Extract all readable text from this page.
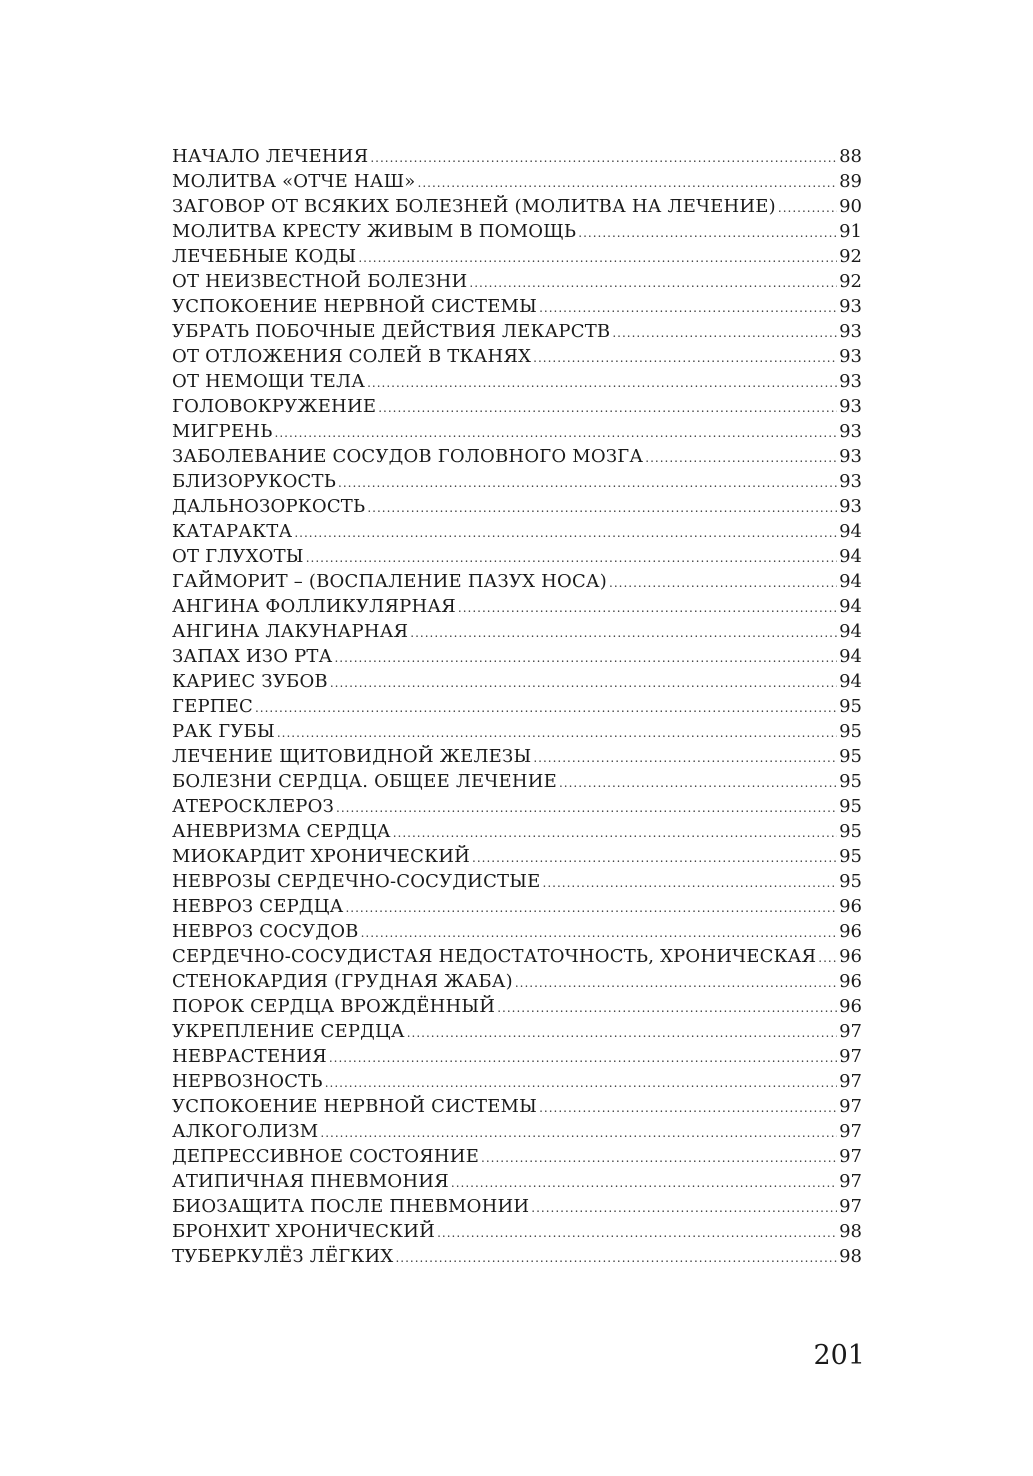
НАЧАЛО ЛЕЧЕНИЯ .....	88
МОЛИТВА «ОТЧЕ НАШ» .....	89
ЗАГОВОР ОТ ВСЯКИХ БОЛЕЗНЕЙ (МОЛИТВА НА ЛЕЧЕНИЕ) .....	90
МОЛИТВА КРЕСТУ ЖИВЫМ В ПОМОЩЬ .....	91
ЛЕЧЕБНЫЕ КОДЫ .....	92
ОТ НЕИЗВЕСТНОЙ БОЛЕЗНИ .....	92
УСПОКОЕНИЕ НЕРВНОЙ СИСТЕМЫ .....	93
УБРАТЬ ПОБОЧНЫЕ ДЕЙСТВИЯ ЛЕКАРСТВ .....	93
ОТ ОТЛОЖЕНИЯ СОЛЕЙ В ТКАНЯХ .....	93
ОТ НЕМОЩИ ТЕЛА .....	93
ГОЛОВОКРУЖЕНИЕ .....	93
МИГРЕНЬ .....	93
ЗАБОЛЕВАНИЕ СОСУДОВ ГОЛОВНОГО МОЗГА .....	93
БЛИЗОРУКОСТЬ .....	93
ДАЛЬНОЗОРКОСТЬ .....	93
КАТАРАКТА .....	94
ОТ ГЛУХОТЫ .....	94
ГАЙМОРИТ – (ВОСПАЛЕНИЕ ПАЗУХ НОСА) .....	94
АНГИНА ФОЛЛИКУЛЯРНАЯ .....	94
АНГИНА ЛАКУНАРНАЯ .....	94
ЗАПАХ ИЗО РТА .....	94
КАРИЕС ЗУБОВ .....	94
ГЕРПЕС .....	95
РАК ГУБЫ .....	95
ЛЕЧЕНИЕ ЩИТОВИДНОЙ ЖЕЛЕЗЫ .....	95
БОЛЕЗНИ СЕРДЦА. ОБЩЕЕ ЛЕЧЕНИЕ .....	95
АТЕРОСКЛЕРОЗ .....	95
АНЕВРИЗМА СЕРДЦА .....	95
МИОКАРДИТ ХРОНИЧЕСКИЙ .....	95
НЕВРОЗЫ СЕРДЕЧНО-СОСУДИСТЫЕ .....	95
НЕВРОЗ СЕРДЦА .....	96
НЕВРОЗ СОСУДОВ .....	96
СЕРДЕЧНО-СОСУДИСТАЯ НЕДОСТАТОЧНОСТЬ, ХРОНИЧЕСКАЯ ..... 96
СТЕНОКАРДИЯ (ГРУДНАЯ ЖАБА) .....	96
ПОРОК СЕРДЦА ВРОЖДЁННЫЙ .....	96
УКРЕПЛЕНИЕ СЕРДЦА .....	97
НЕВРАСТЕНИЯ .....	97
НЕРВОЗНОСТЬ .....	97
УСПОКОЕНИЕ НЕРВНОЙ СИСТЕМЫ .....	97
АЛКОГОЛИЗМ .....	97
ДЕПРЕССИВНОЕ СОСТОЯНИЕ .....	97
АТИПИЧНАЯ ПНЕВМОНИЯ .....	97
БИОЗАЩИТА ПОСЛЕ ПНЕВМОНИИ .....	97
БРОНХИТ ХРОНИЧЕСКИЙ .....	98
ТУБЕРКУЛЁЗ ЛЁГКИХ .....	98
201
